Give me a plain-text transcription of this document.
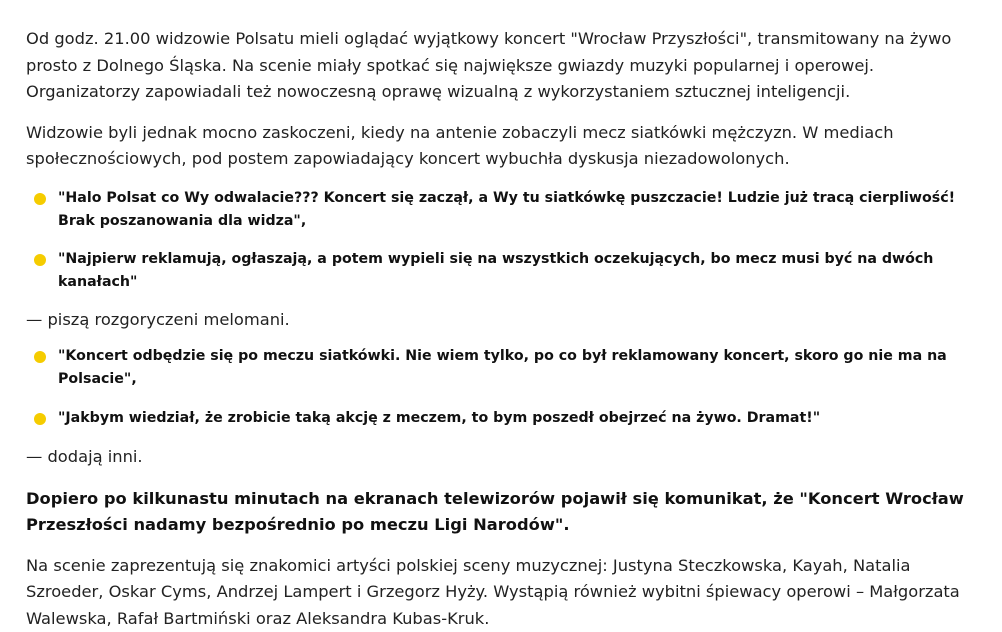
Od godz. 21.00 widzowie Polsatu mieli oglądać wyjątkowy koncert "Wrocław Przyszłości", transmitowany na żywo prosto z Dolnego Śląska. Na scenie miały spotkać się największe gwiazdy muzyki popularnej i operowej. Organizatorzy zapowiadali też nowoczesną oprawę wizualną z wykorzystaniem sztucznej inteligencji.

Widzowie byli jednak mocno zaskoczeni, kiedy na antenie zobaczyli mecz siatkówki mężczyzn. W mediach społecznościowych, pod postem zapowiadający koncert wybuchła dyskusja niezadowolonych.

"Halo Polsat co Wy odwalacie??? Koncert się zaczął, a Wy tu siatkówkę puszczacie! Ludzie już tracą cierpliwość! Brak poszanowania dla widza",
"Najpierw reklamują, ogłaszają, a potem wypieli się na wszystkich oczekujących, bo mecz musi być na dwóch kanałach"

— piszą rozgoryczeni melomani.

"Koncert odbędzie się po meczu siatkówki. Nie wiem tylko, po co był reklamowany koncert, skoro go nie ma na Polsacie",
"Jakbym wiedział, że zrobicie taką akcję z meczem, to bym poszedł obejrzeć na żywo. Dramat!"

— dodają inni.

Dopiero po kilkunastu minutach na ekranach telewizorów pojawił się komunikat, że "Koncert Wrocław Przeszłości nadamy bezpośrednio po meczu Ligi Narodów".

Na scenie zaprezentują się znakomici artyści polskiej sceny muzycznej: Justyna Steczkowska, Kayah, Natalia Szroeder, Oskar Cyms, Andrzej Lampert i Grzegorz Hyży. Wystąpią również wybitni śpiewacy operowi – Małgorzata Walewska, Rafał Bartmiński oraz Aleksandra Kubas-Kruk.
